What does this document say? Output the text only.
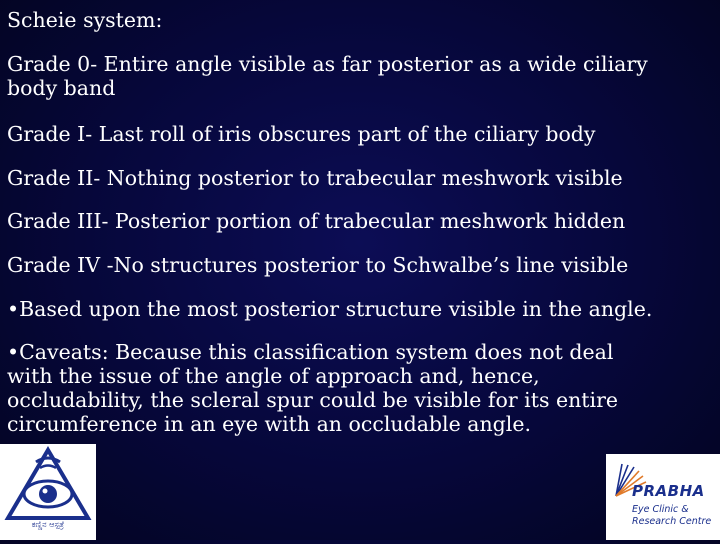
Scheie system:

Grade 0- Entire angle visible as far posterior as a wide ciliary body band

Grade I- Last roll of iris obscures part of the ciliary body

Grade II- Nothing posterior to trabecular meshwork visible

Grade III- Posterior portion of trabecular meshwork hidden

Grade IV -No structures posterior to Schwalbe’s line visible

•Based upon the most posterior structure visible in the angle.

•Caveats: Because this classification system does not deal with the issue of the angle of approach and, hence, occludability, the scleral spur could be visible for its entire circumference in an eye with an occludable angle.

ಕಣ್ಣಿನ ಆಸ್ಪತ್ರೆ
PRABHA
Eye Clinic & Research Centre
